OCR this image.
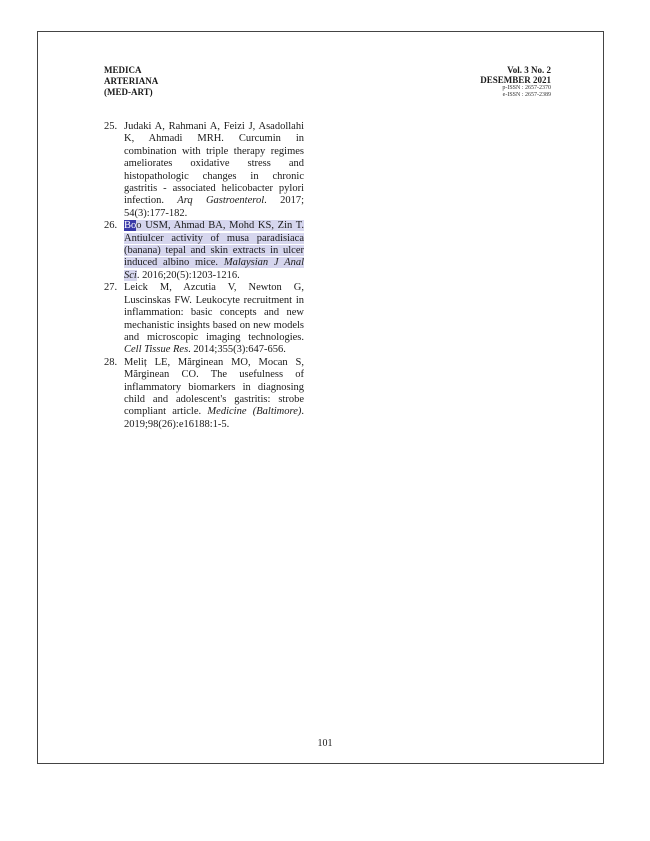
MEDICA
ARTERIANA
(MED-ART)
Vol. 3 No. 2
DESEMBER 2021
p-ISSN : 2657-2370
e-ISSN : 2657-2389
25. Judaki A, Rahmani A, Feizi J, Asadollahi K, Ahmadi MRH. Curcumin in combination with triple therapy regimes ameliorates oxidative stress and histopathologic changes in chronic gastritis - associated helicobacter pylori infection. Arq Gastroenterol. 2017; 54(3):177-182.
26. Boo USM, Ahmad BA, Mohd KS, Zin T. Antiulcer activity of musa paradisiaca (banana) tepal and skin extracts in ulcer induced albino mice. Malaysian J Anal Sci. 2016;20(5):1203-1216.
27. Leick M, Azcutia V, Newton G, Luscinskas FW. Leukocyte recruitment in inflammation: basic concepts and new mechanistic insights based on new models and microscopic imaging technologies. Cell Tissue Res. 2014;355(3):647-656.
28. Meliț LE, Mărginean MO, Mocan S, Mărginean CO. The usefulness of inflammatory biomarkers in diagnosing child and adolescent's gastritis: strobe compliant article. Medicine (Baltimore). 2019;98(26):e16188:1-5.
101
